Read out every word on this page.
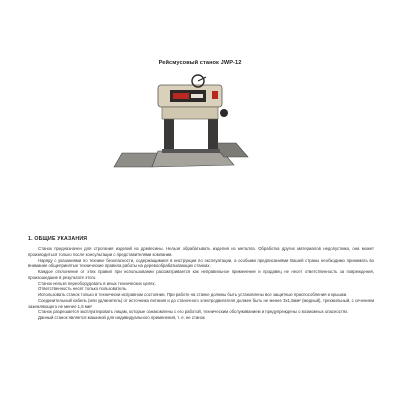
Рейсмусовый станок JWP-12
1. ОБЩИЕ УКАЗАНИЯ

Станок предназначен для строгания изделий из древесины. Нельзя обрабатывать изделия из металла. Обработка других материалов недопустима, она может производиться только после консультации с представителями компании.

Наряду с указаниями по технике безопасности, содержащимися в инструкции по эксплуатации, а особыми предписаниями Вашей страны необходимо принимать во внимание общепринятые технические правила работы на деревообрабатывающих станках.

Каждое отклонение от этих правил при использовании рассматривается как неправильное применение и продавец не несет ответственность за повреждения, произошедшие в результате этого.

Станок нельзя переоборудовать в иных технических целях.

Ответственность несет только пользователь.

Использовать станок только в технически исправном состоянии. При работе на станке должны быть установлены все защитные приспособления и крышки.

Соединительный кабель (или удлинитель) от источника питания и до станочного электродвигателя должен быть не менее 3х1,5мм² (медный), трехжильный, с сечением заземляющего не менее 1,5 мм²

Станок разрешается эксплуатировать лицам, которые ознакомлены с его работой, техническим обслуживанием и предупреждены о возможных опасностях.

Данный станок является машиной для индивидуального применения, т. е. не станок
